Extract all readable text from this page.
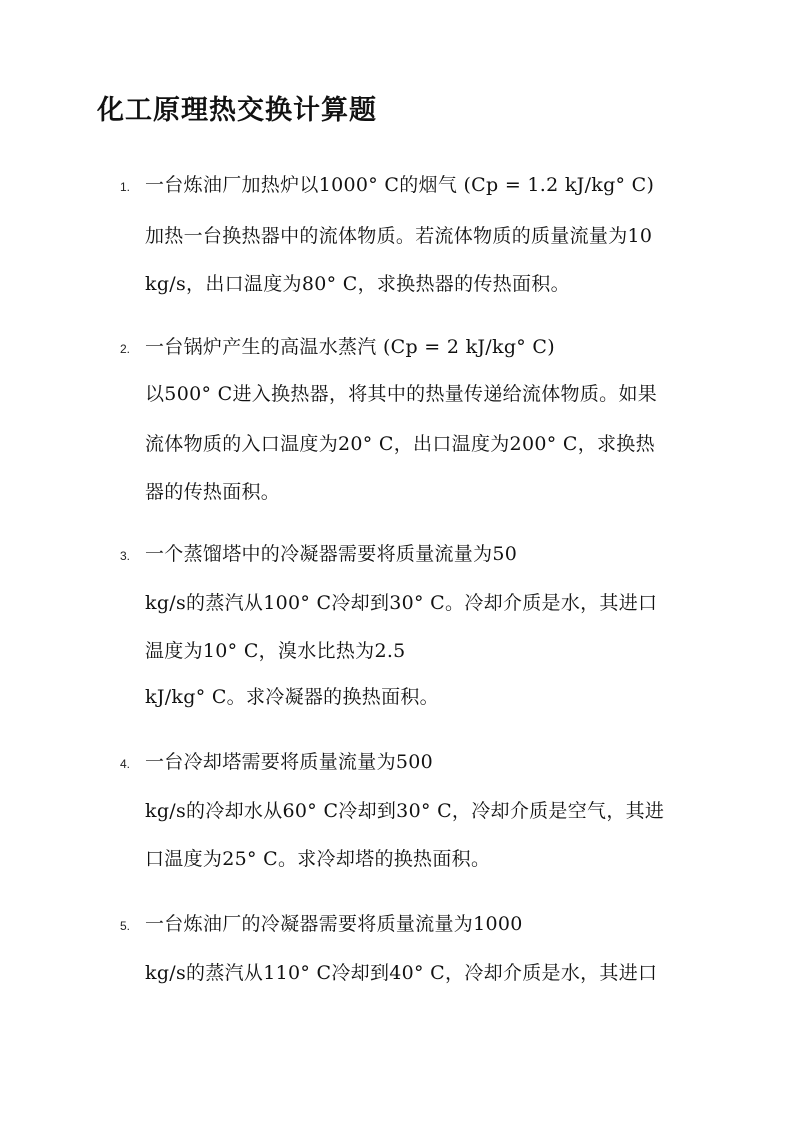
化工原理热交换计算题
1. 一台炼油厂加热炉以1000° C的烟气 (Cp = 1.2 kJ/kg° C)
加热一台换热器中的流体物质。若流体物质的质量流量为10
kg/s，出口温度为80° C，求换热器的传热面积。
2. 一台锅炉产生的高温水蒸汽 (Cp = 2 kJ/kg° C)
以500° C进入换热器，将其中的热量传递给流体物质。如果
流体物质的入口温度为20° C，出口温度为200° C，求换热
器的传热面积。
3. 一个蒸馏塔中的冷凝器需要将质量流量为50
kg/s的蒸汽从100° C冷却到30° C。冷却介质是水，其进口
温度为10° C，溴水比热为2.5
kJ/kg° C。求冷凝器的换热面积。
4. 一台冷却塔需要将质量流量为500
kg/s的冷却水从60° C冷却到30° C，冷却介质是空气，其进
口温度为25° C。求冷却塔的换热面积。
5. 一台炼油厂的冷凝器需要将质量流量为1000
kg/s的蒸汽从110° C冷却到40° C，冷却介质是水，其进口
